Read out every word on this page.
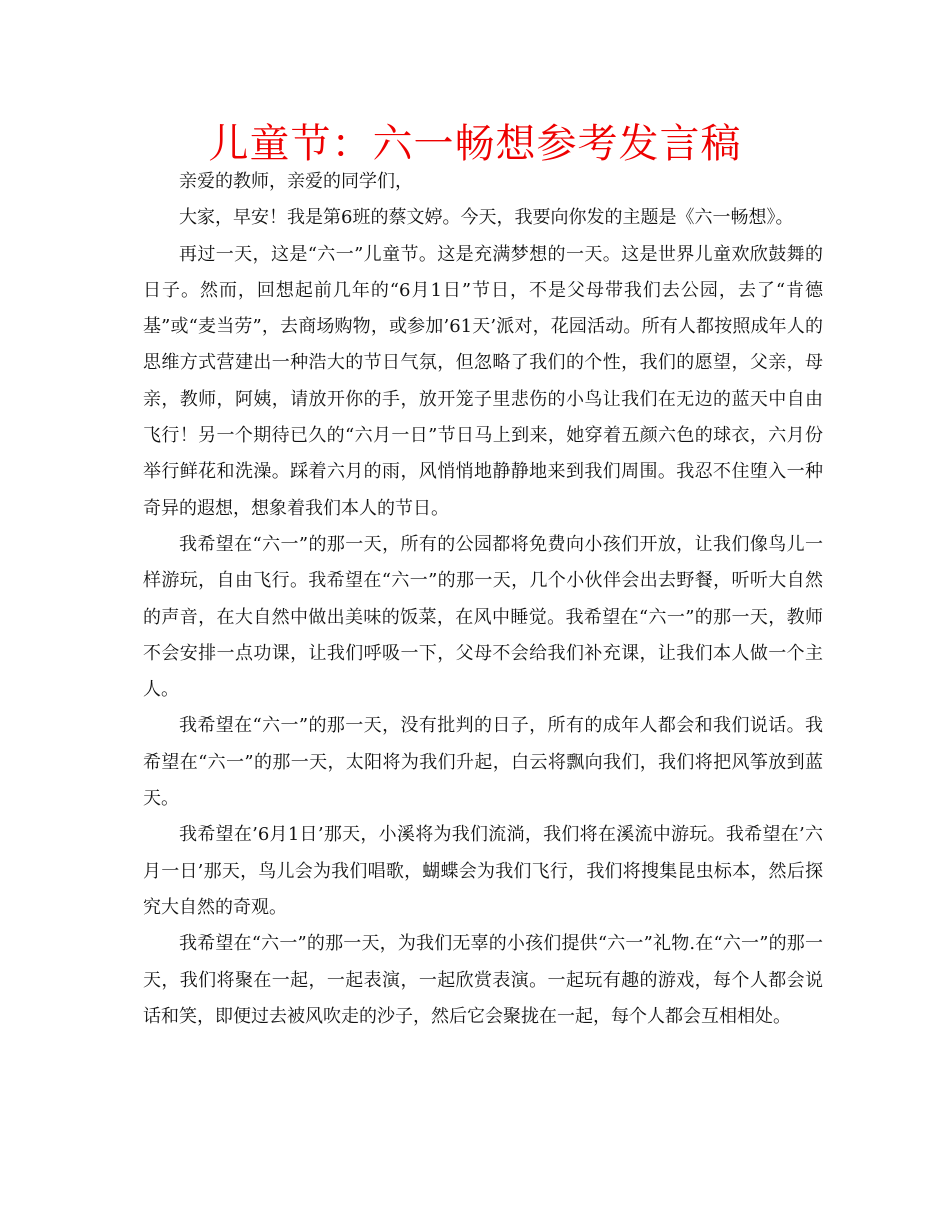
儿童节：六一畅想参考发言稿

亲爱的教师，亲爱的同学们，

大家，早安！我是第6班的蔡文婷。今天，我要向你发的主题是《六一畅想》。

再过一天，这是“六一”儿童节。这是充满梦想的一天。这是世界儿童欢欣鼓舞的日子。然而，回想起前几年的“6月1日”节日，不是父母带我们去公园，去了“肯德基”或“麦当劳”，去商场购物，或参加’61天’派对，花园活动。所有人都按照成年人的思维方式营建出一种浩大的节日气氛，但忽略了我们的个性，我们的愿望，父亲，母亲，教师，阿姨，请放开你的手，放开笼子里悲伤的小鸟让我们在无边的蓝天中自由飞行！另一个期待已久的“六月一日”节日马上到来，她穿着五颜六色的球衣，六月份举行鲜花和洗澡。踩着六月的雨，风悄悄地静静地来到我们周围。我忍不住堕入一种奇异的遐想，想象着我们本人的节日。

我希望在“六一”的那一天，所有的公园都将免费向小孩们开放，让我们像鸟儿一样游玩，自由飞行。我希望在“六一”的那一天，几个小伙伴会出去野餐，听听大自然的声音，在大自然中做出美味的饭菜，在风中睡觉。我希望在“六一”的那一天，教师不会安排一点功课，让我们呼吸一下，父母不会给我们补充课，让我们本人做一个主人。

我希望在“六一”的那一天，没有批判的日子，所有的成年人都会和我们说话。我希望在“六一”的那一天，太阳将为我们升起，白云将飘向我们，我们将把风筝放到蓝天。

我希望在’6月1日’那天，小溪将为我们流淌，我们将在溪流中游玩。我希望在’六月一日’那天，鸟儿会为我们唱歌，蝴蝶会为我们飞行，我们将搜集昆虫标本，然后探究大自然的奇观。

我希望在“六一”的那一天，为我们无辜的小孩们提供“六一”礼物.在“六一”的那一天，我们将聚在一起，一起表演，一起欣赏表演。一起玩有趣的游戏，每个人都会说话和笑，即便过去被风吹走的沙子，然后它会聚拢在一起，每个人都会互相相处。
